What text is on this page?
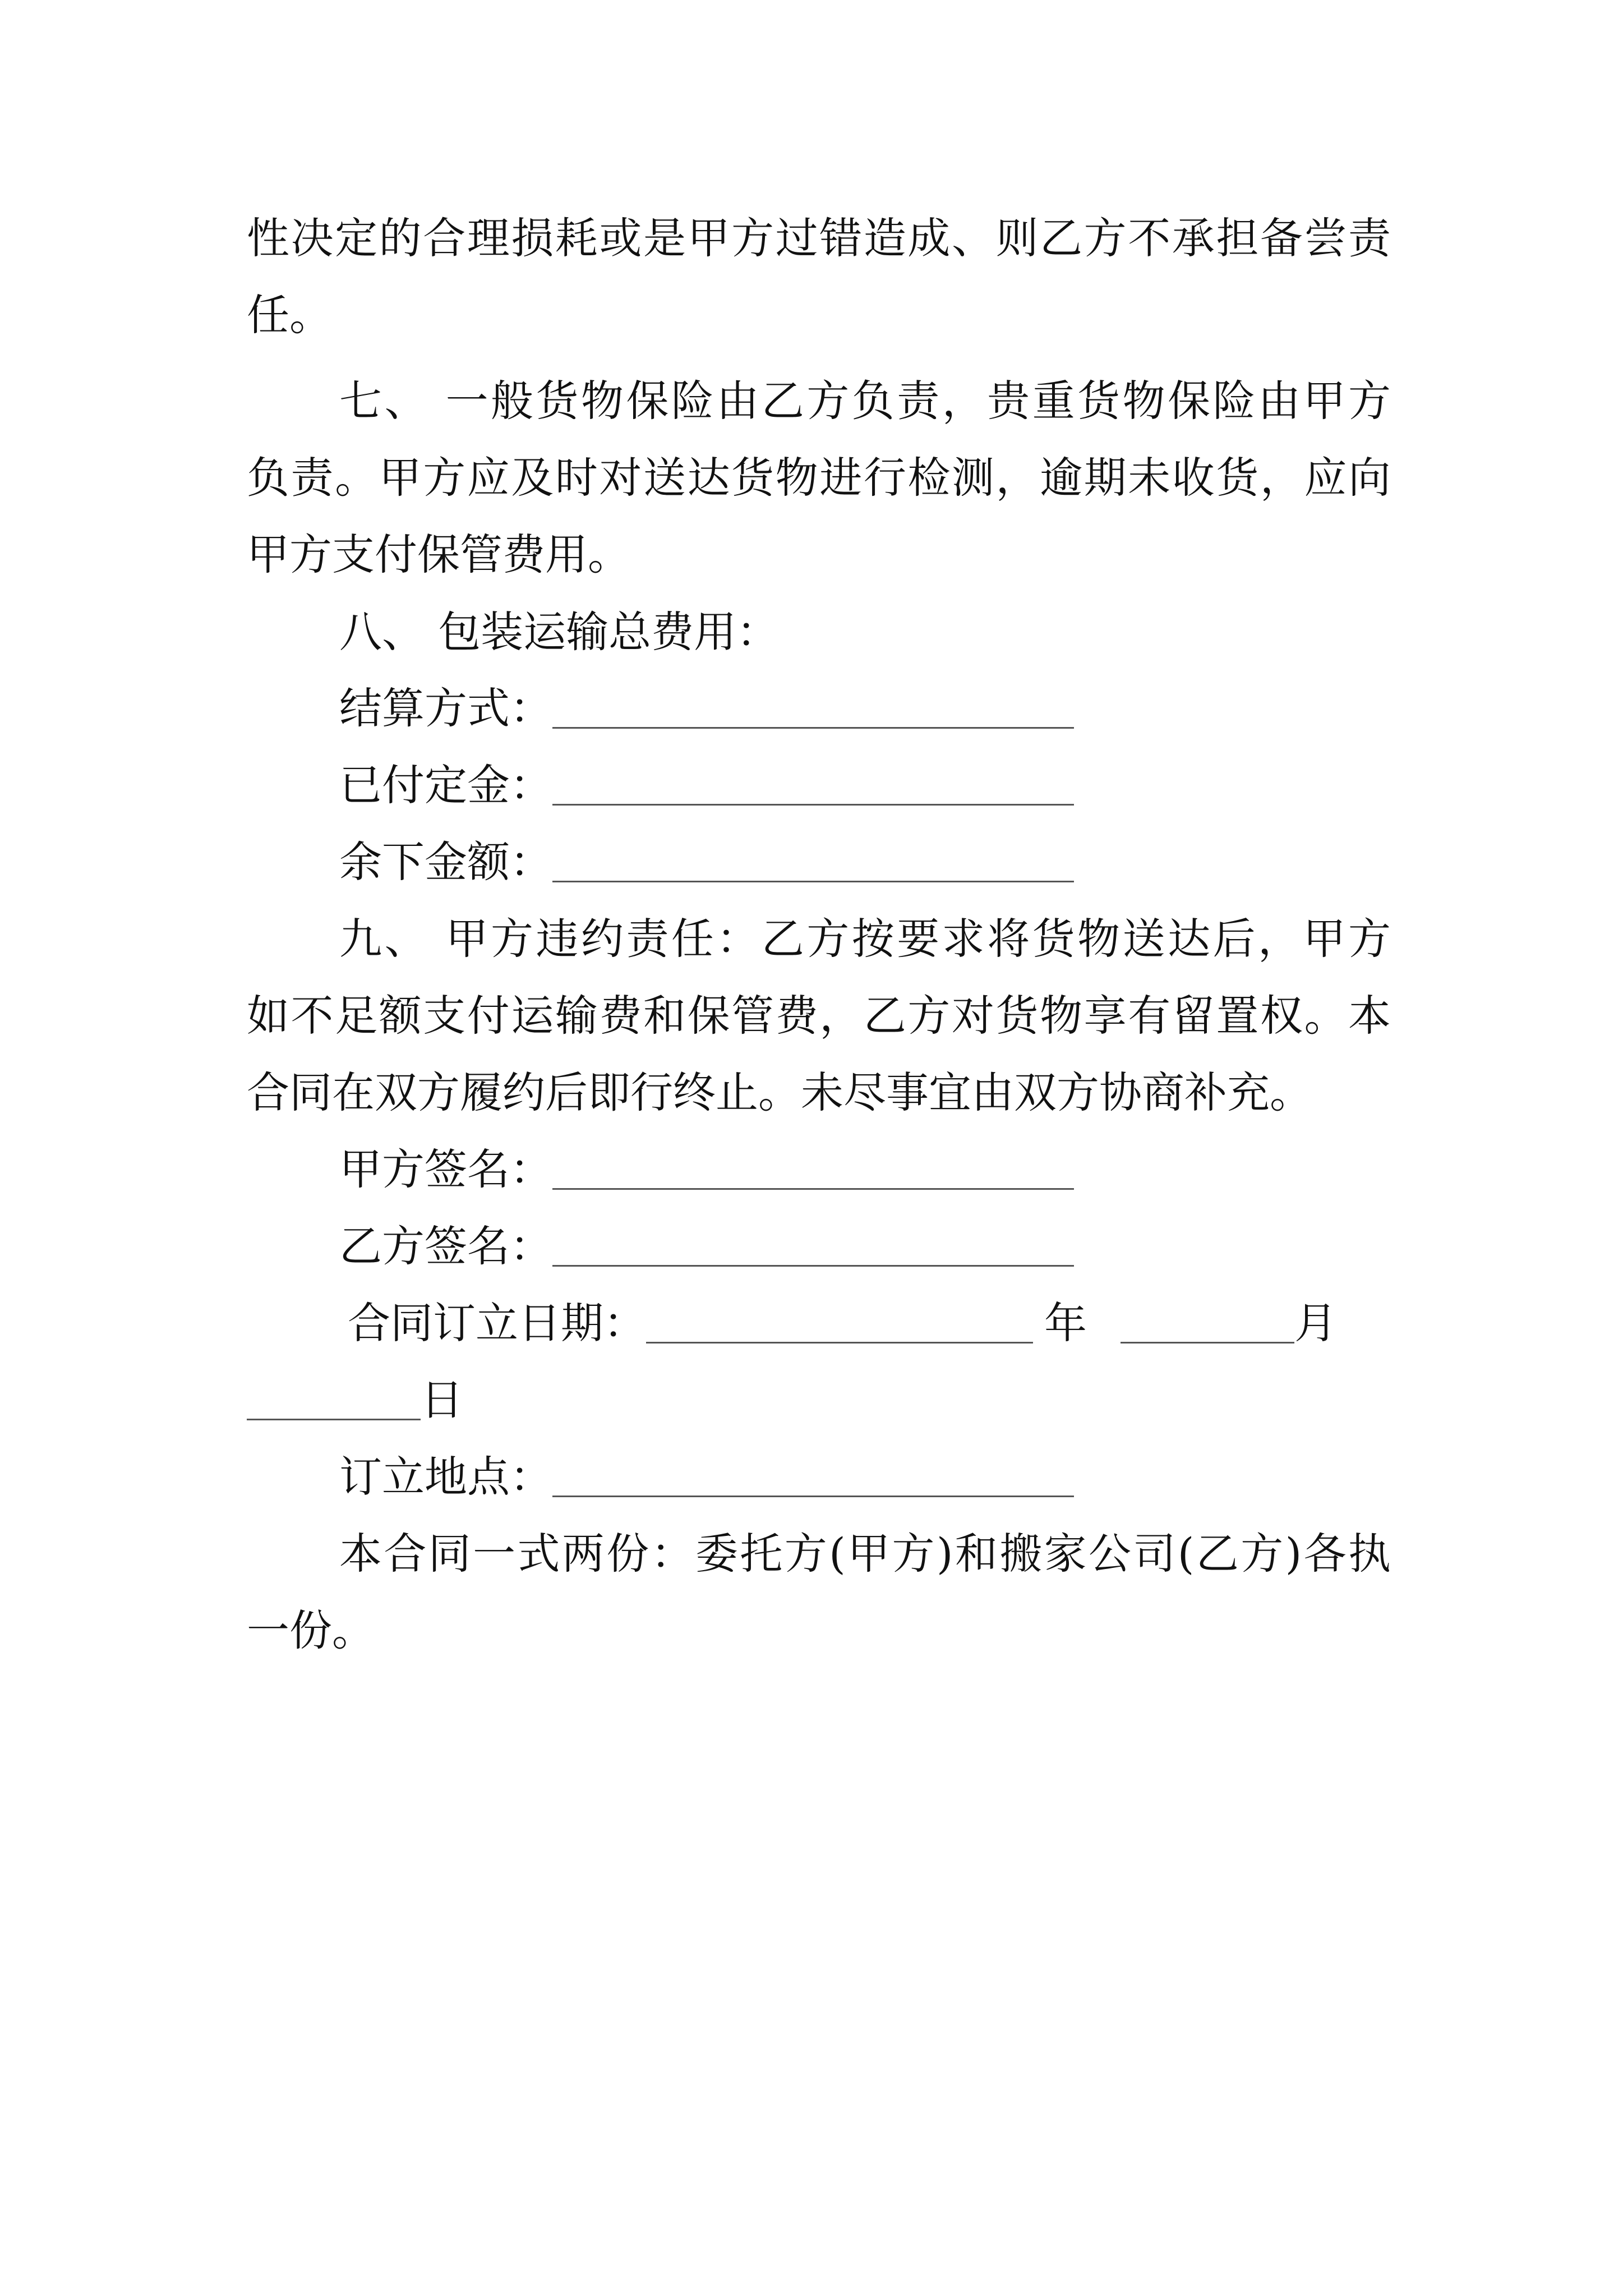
性决定的合理损耗或是甲方过错造成、则乙方不承担备尝责
任。
七、 一般货物保险由乙方负责，贵重货物保险由甲方
负责。甲方应及时对送达货物进行检测，逾期未收货，应向
甲方支付保管费用。
八、 包装运输总费用：
结算方式：
已付定金：
余下金额：
九、 甲方违约责任：乙方按要求将货物送达后，甲方
如不足额支付运输费和保管费，乙方对货物享有留置权。本
合同在双方履约后即行终止。未尽事宜由双方协商补充。
甲方签名：
乙方签名：
合同订立日期：	年	月
日
订立地点：
本合同一式两份：委托方(甲方)和搬家公司(乙方)各执
一份。
